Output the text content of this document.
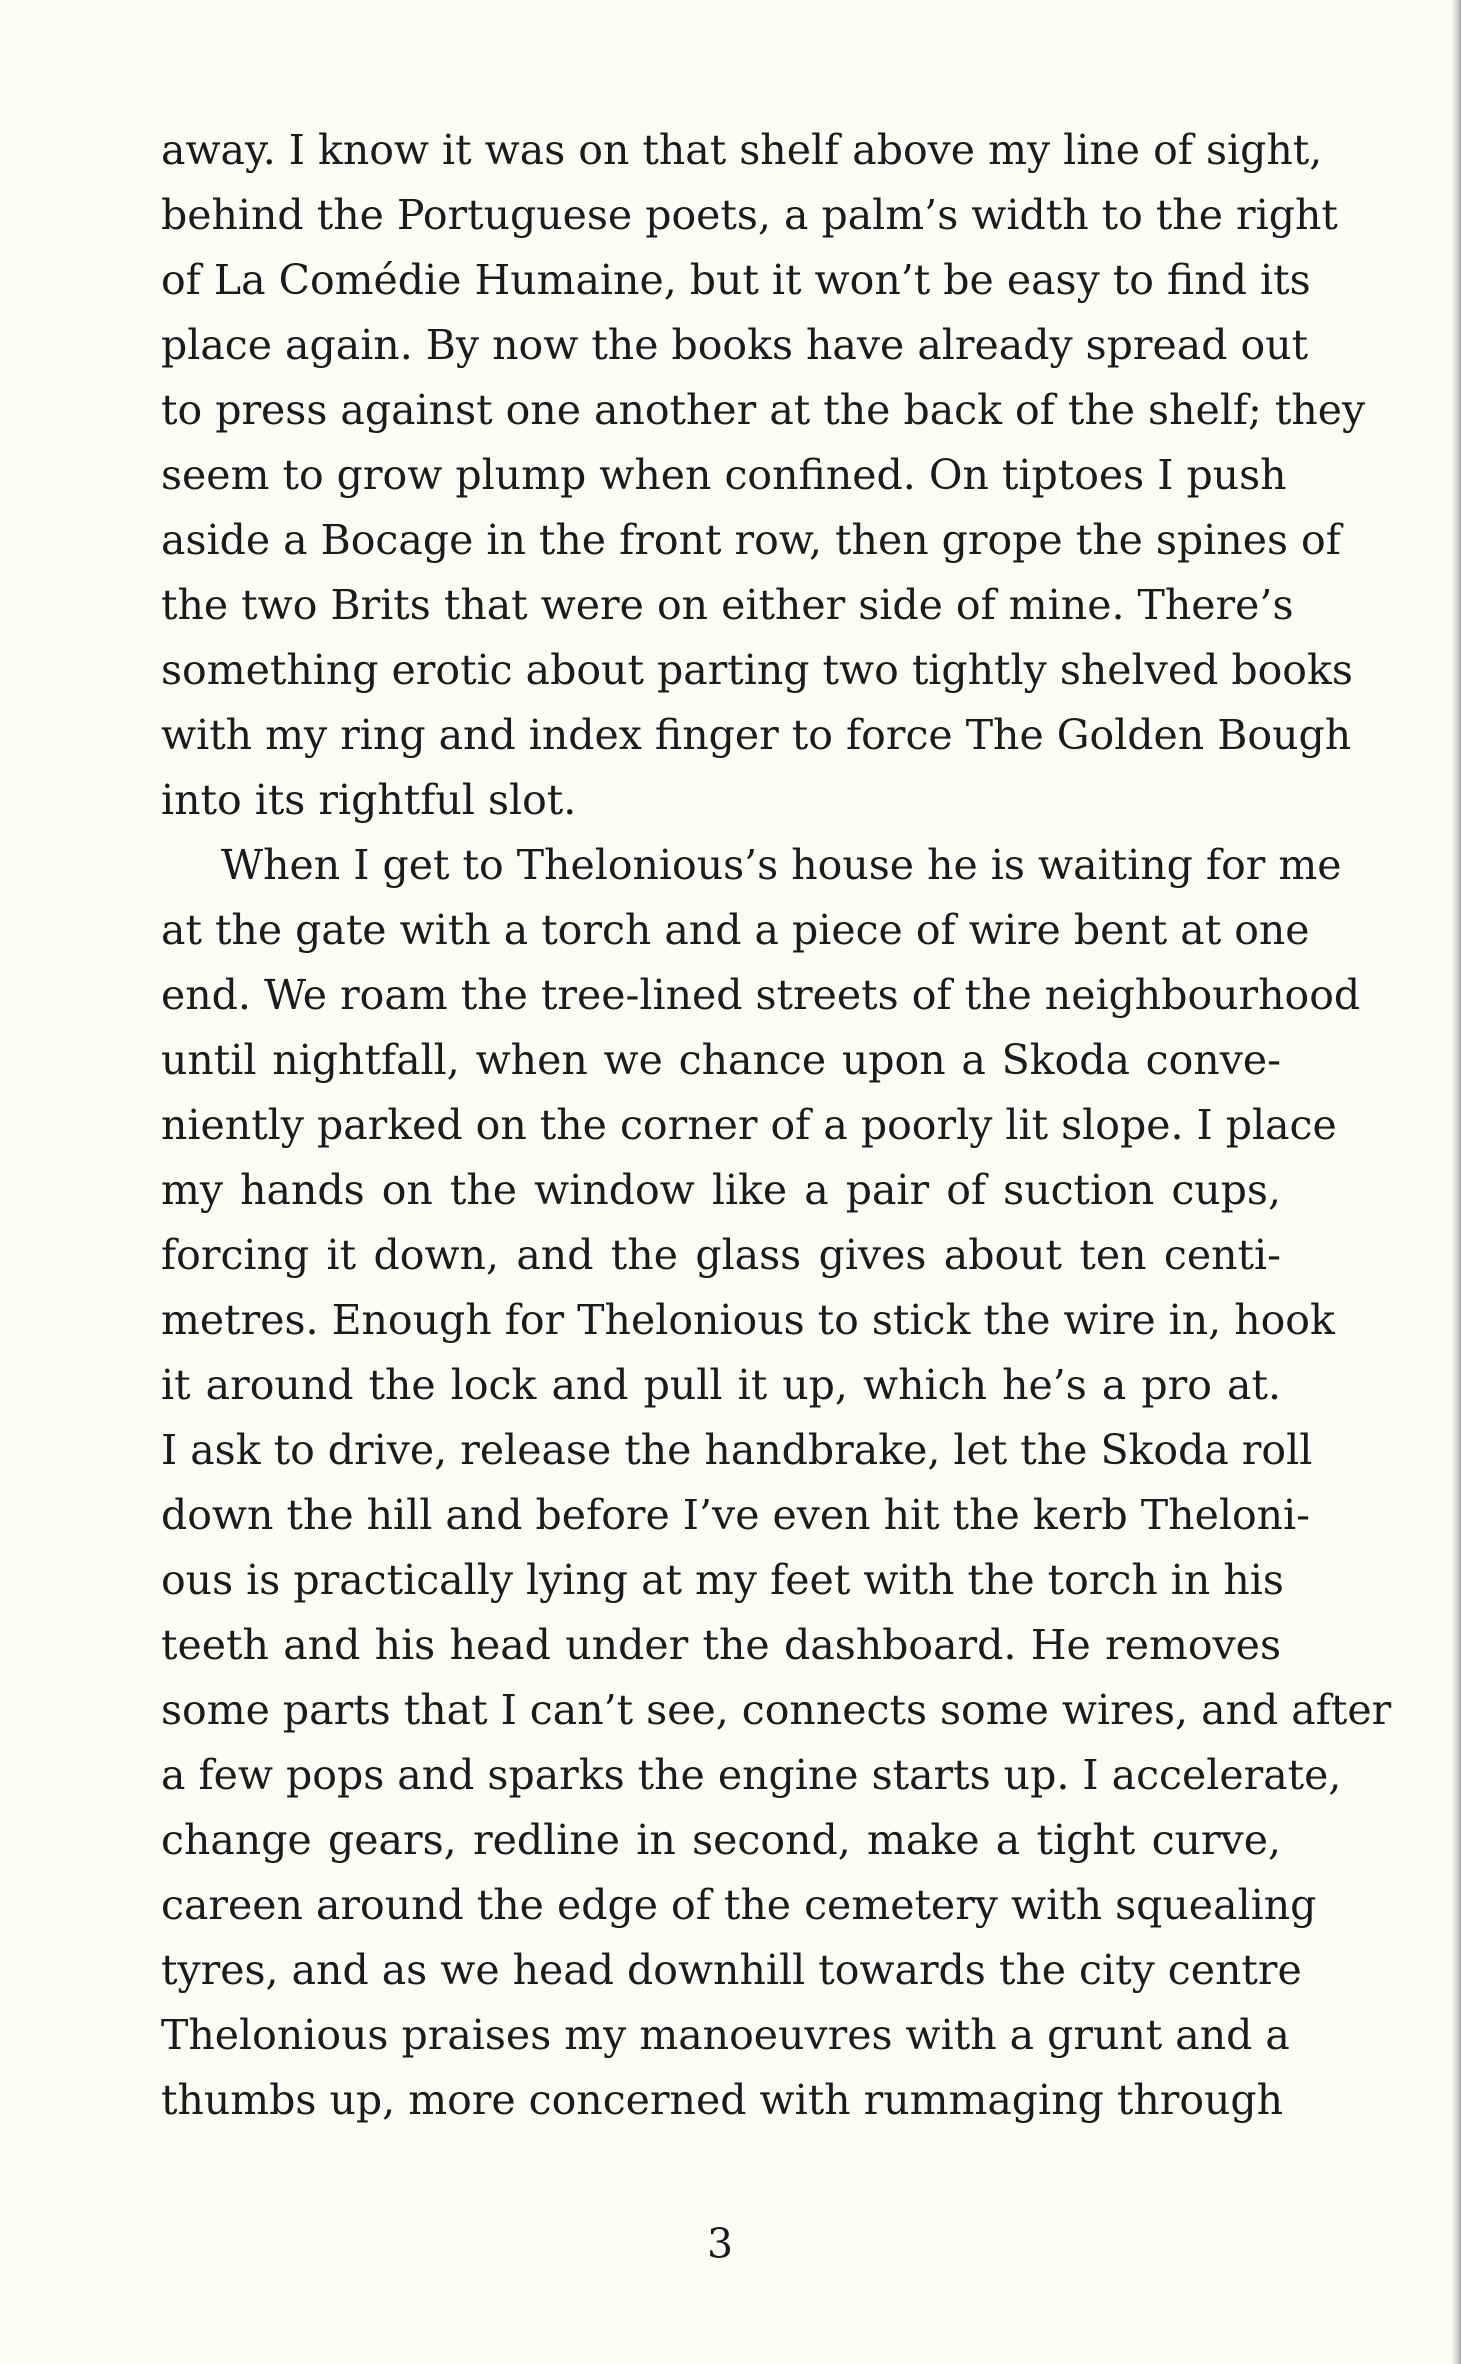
away. I know it was on that shelf above my line of sight,
behind the Portuguese poets, a palm’s width to the right
of La Comédie Humaine, but it won’t be easy to find its
place again. By now the books have already spread out
to press against one another at the back of the shelf; they
seem to grow plump when confined. On tiptoes I push
aside a Bocage in the front row, then grope the spines of
the two Brits that were on either side of mine. There’s
something erotic about parting two tightly shelved books
with my ring and index finger to force The Golden Bough
into its rightful slot.
When I get to Thelonious’s house he is waiting for me
at the gate with a torch and a piece of wire bent at one
end. We roam the tree-lined streets of the neighbourhood
until nightfall, when we chance upon a Skoda conve-
niently parked on the corner of a poorly lit slope. I place
my hands on the window like a pair of suction cups,
forcing it down, and the glass gives about ten centi-
metres. Enough for Thelonious to stick the wire in, hook
it around the lock and pull it up, which he’s a pro at.
I ask to drive, release the handbrake, let the Skoda roll
down the hill and before I’ve even hit the kerb Theloni-
ous is practically lying at my feet with the torch in his
teeth and his head under the dashboard. He removes
some parts that I can’t see, connects some wires, and after
a few pops and sparks the engine starts up. I accelerate,
change gears, redline in second, make a tight curve,
careen around the edge of the cemetery with squealing
tyres, and as we head downhill towards the city centre
Thelonious praises my manoeuvres with a grunt and a
thumbs up, more concerned with rummaging through
3
